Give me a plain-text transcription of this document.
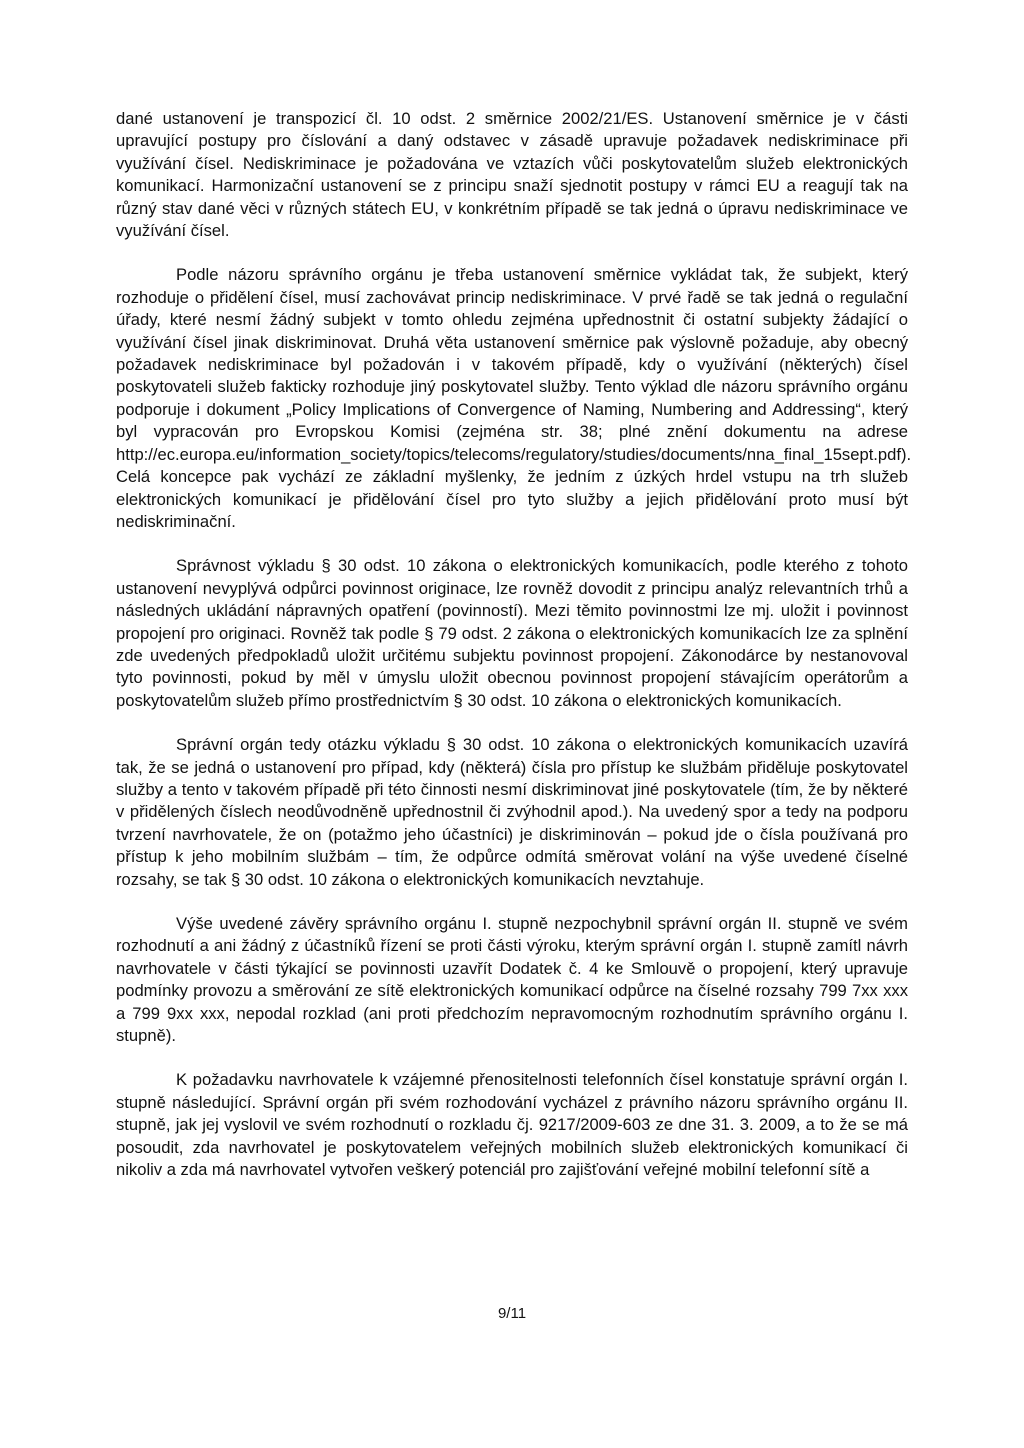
dané ustanovení je transpozicí čl. 10 odst. 2 směrnice 2002/21/ES. Ustanovení směrnice je v části upravující postupy pro číslování a daný odstavec v zásadě upravuje požadavek nediskriminace při využívání čísel. Nediskriminace je požadována ve vztazích vůči poskytovatelům služeb elektronických komunikací. Harmonizační ustanovení se z principu snaží sjednotit postupy v rámci EU a reagují tak na různý stav dané věci v různých státech EU, v konkrétním případě se tak jedná o úpravu nediskriminace ve využívání čísel.

Podle názoru správního orgánu je třeba ustanovení směrnice vykládat tak, že subjekt, který rozhoduje o přidělení čísel, musí zachovávat princip nediskriminace. V prvé řadě se tak jedná o regulační úřady, které nesmí žádný subjekt v tomto ohledu zejména upřednostnit či ostatní subjekty žádající o využívání čísel jinak diskriminovat. Druhá věta ustanovení směrnice pak výslovně požaduje, aby obecný požadavek nediskriminace byl požadován i v takovém případě, kdy o využívání (některých) čísel poskytovateli služeb fakticky rozhoduje jiný poskytovatel služby. Tento výklad dle názoru správního orgánu podporuje i dokument „Policy Implications of Convergence of Naming, Numbering and Addressing“, který byl vypracován pro Evropskou Komisi (zejména str. 38; plné znění dokumentu na adrese http://ec.europa.eu/information_society/topics/telecoms/regulatory/studies/documents/nna_final_15sept.pdf). Celá koncepce pak vychází ze základní myšlenky, že jedním z úzkých hrdel vstupu na trh služeb elektronických komunikací je přidělování čísel pro tyto služby a jejich přidělování proto musí být nediskriminační.

Správnost výkladu § 30 odst. 10 zákona o elektronických komunikacích, podle kterého z tohoto ustanovení nevyplývá odpůrci povinnost originace, lze rovněž dovodit z principu analýz relevantních trhů a následných ukládání nápravných opatření (povinností). Mezi těmito povinnostmi lze mj. uložit i povinnost propojení pro originaci. Rovněž tak podle § 79 odst. 2 zákona o elektronických komunikacích lze za splnění zde uvedených předpokladů uložit určitému subjektu povinnost propojení. Zákonodárce by nestanovoval tyto povinnosti, pokud by měl v úmyslu uložit obecnou povinnost propojení stávajícím operátorům a poskytovatelům služeb přímo prostřednictvím § 30 odst. 10 zákona o elektronických komunikacích.

Správní orgán tedy otázku výkladu § 30 odst. 10 zákona o elektronických komunikacích uzavírá tak, že se jedná o ustanovení pro případ, kdy (některá) čísla pro přístup ke službám přiděluje poskytovatel služby a tento v takovém případě při této činnosti nesmí diskriminovat jiné poskytovatele (tím, že by některé v přidělených číslech neodůvodněně upřednostnil či zvýhodnil apod.). Na uvedený spor a tedy na podporu tvrzení navrhovatele, že on (potažmo jeho účastníci) je diskriminován – pokud jde o čísla používaná pro přístup k jeho mobilním službám – tím, že odpůrce odmítá směrovat volání na výše uvedené číselné rozsahy, se tak § 30 odst. 10 zákona o elektronických komunikacích nevztahuje.

Výše uvedené závěry správního orgánu I. stupně nezpochybnil správní orgán II. stupně ve svém rozhodnutí a ani žádný z účastníků řízení se proti části výroku, kterým správní orgán I. stupně zamítl návrh navrhovatele v části týkající se povinnosti uzavřít Dodatek č. 4 ke Smlouvě o propojení, který upravuje podmínky provozu a směrování ze sítě elektronických komunikací odpůrce na číselné rozsahy 799 7xx xxx a 799 9xx xxx, nepodal rozklad (ani proti předchozím nepravomocným rozhodnutím správního orgánu I. stupně).

K požadavku navrhovatele k vzájemné přenositelnosti telefonních čísel konstatuje správní orgán I. stupně následující. Správní orgán při svém rozhodování vycházel z právního názoru správního orgánu II. stupně, jak jej vyslovil ve svém rozhodnutí o rozkladu čj. 9217/2009-603 ze dne 31. 3. 2009, a to že se má posoudit, zda navrhovatel je poskytovatelem veřejných mobilních služeb elektronických komunikací či nikoliv a zda má navrhovatel vytvořen veškerý potenciál pro zajišťování veřejné mobilní telefonní sítě a

9/11
